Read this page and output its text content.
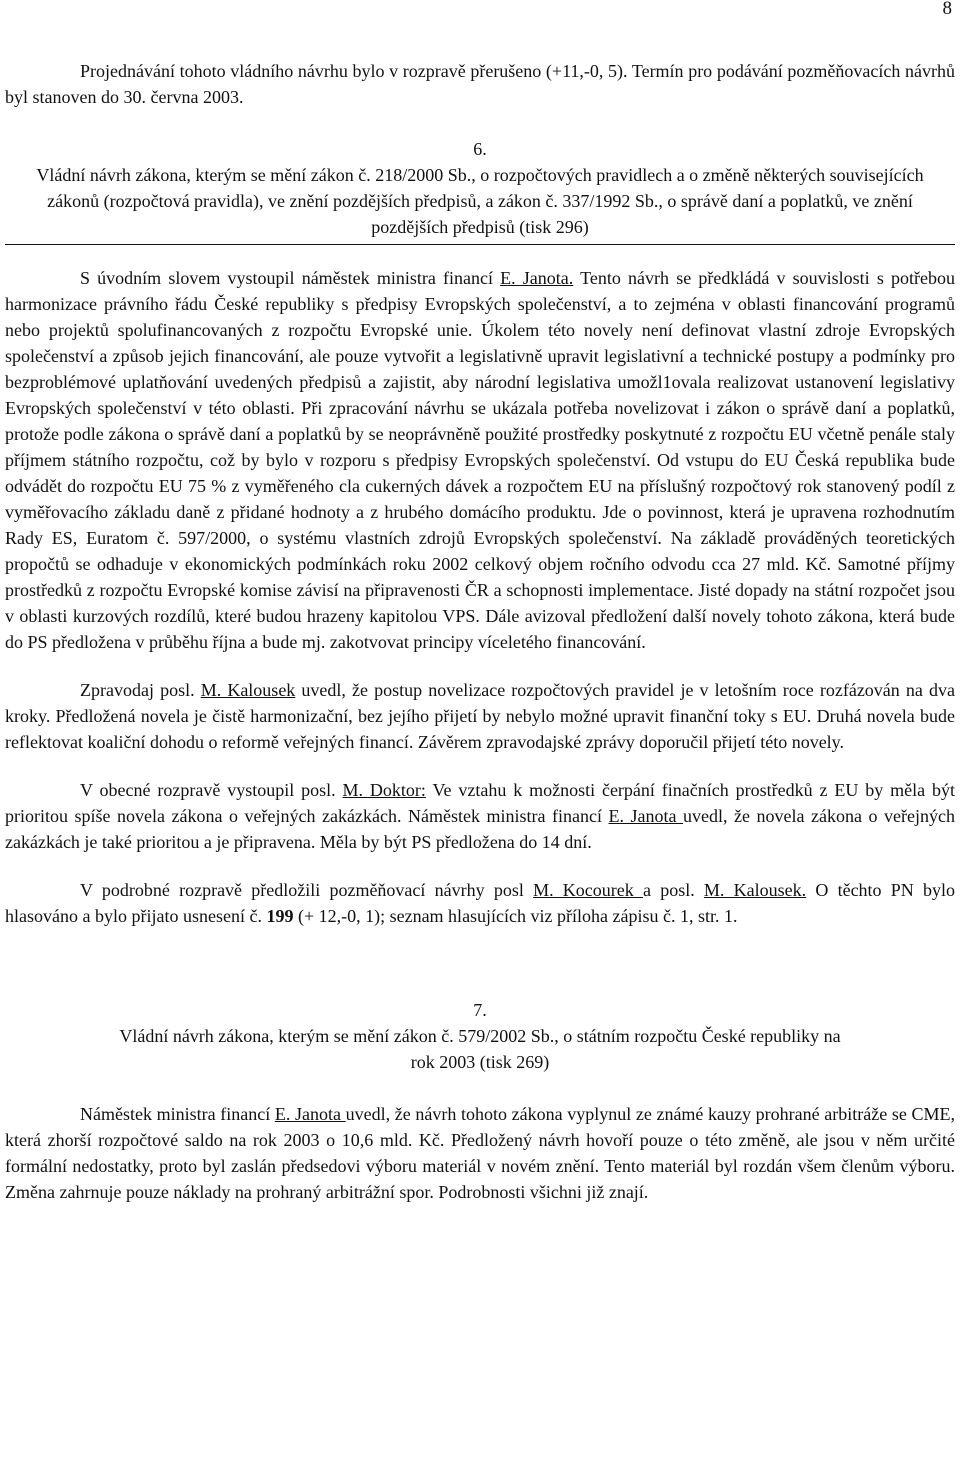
8

Projednávání tohoto vládního návrhu bylo v rozpravě přerušeno (+11,-0, 5). Termín pro podávání pozměňovacích návrhů byl stanoven do 30. června 2003.

6.
Vládní návrh zákona, kterým se mění zákon č. 218/2000 Sb., o rozpočtových pravidlech a o změně některých souvisejících zákonů (rozpočtová pravidla), ve znění pozdějších předpisů, a zákon č. 337/1992 Sb., o správě daní a poplatků, ve znění pozdějších předpisů (tisk 296)

S úvodním slovem vystoupil náměstek ministra financí E. Janota. Tento návrh se předkládá v souvislosti s potřebou harmonizace právního řádu České republiky s předpisy Evropských společenství, a to zejména v oblasti financování programů nebo projektů spolufinancovaných z rozpočtu Evropské unie. Úkolem této novely není definovat vlastní zdroje Evropských společenství a způsob jejich financování, ale pouze vytvořit a legislativně upravit legislativní a technické postupy a podmínky pro bezproblémové uplatňování uvedených předpisů a zajistit, aby národní legislativa umožl1ovala realizovat ustanovení legislativy Evropských společenství v této oblasti. Při zpracování návrhu se ukázala potřeba novelizovat i zákon o správě daní a poplatků, protože podle zákona o správě daní a poplatků by se neoprávněně použité prostředky poskytnuté z rozpočtu EU včetně penále staly příjmem státního rozpočtu, což by bylo v rozporu s předpisy Evropských společenství. Od vstupu do EU Česká republika bude odvádět do rozpočtu EU 75 % z vyměřeného cla cukerných dávek a rozpočtem EU na příslušný rozpočtový rok stanovený podíl z vyměřovacího základu daně z přidané hodnoty a z hrubého domácího produktu. Jde o povinnost, která je upravena rozhodnutím Rady ES, Euratom č. 597/2000, o systému vlastních zdrojů Evropských společenství. Na základě prováděných teoretických propočtů se odhaduje v ekonomických podmínkách roku 2002 celkový objem ročního odvodu cca 27 mld. Kč. Samotné příjmy prostředků z rozpočtu Evropské komise závisí na připravenosti ČR a schopnosti implementace. Jisté dopady na státní rozpočet jsou v oblasti kurzových rozdílů, které budou hrazeny kapitolou VPS. Dále avizoval předložení další novely tohoto zákona, která bude do PS předložena v průběhu října a bude mj. zakotvovat principy víceletého financování.

Zpravodaj posl. M. Kalousek uvedl, že postup novelizace rozpočtových pravidel je v letošním roce rozfázován na dva kroky. Předložená novela je čistě harmonizační, bez jejího přijetí by nebylo možné upravit finanční toky s EU. Druhá novela bude reflektovat koaliční dohodu o reformě veřejných financí. Závěrem zpravodajské zprávy doporučil přijetí této novely.

V obecné rozpravě vystoupil posl. M. Doktor: Ve vztahu k možnosti čerpání finačních prostředků z EU by měla být prioritou spíše novela zákona o veřejných zakázkách. Náměstek ministra financí E. Janota uvedl, že novela zákona o veřejných zakázkách je také prioritou a je připravena. Měla by být PS předložena do 14 dní.

V podrobné rozpravě předložili pozměňovací návrhy posl M. Kocourek a posl. M. Kalousek. O těchto PN bylo hlasováno a bylo přijato usnesení č. 199 (+ 12,-0, 1); seznam hlasujících viz příloha zápisu č. 1, str. 1.

7.
Vládní návrh zákona, kterým se mění zákon č. 579/2002 Sb., o státním rozpočtu České republiky na
rok 2003 (tisk 269)

Náměstek ministra financí E. Janota uvedl, že návrh tohoto zákona vyplynul ze známé kauzy prohrané arbitráže se CME, která zhorší rozpočtové saldo na rok 2003 o 10,6 mld. Kč. Předložený návrh hovoří pouze o této změně, ale jsou v něm určité formální nedostatky, proto byl zaslán předsedovi výboru materiál v novém znění. Tento materiál byl rozdán všem členům výboru. Změna zahrnuje pouze náklady na prohraný arbitrážní spor. Podrobnosti všichni již znají.
